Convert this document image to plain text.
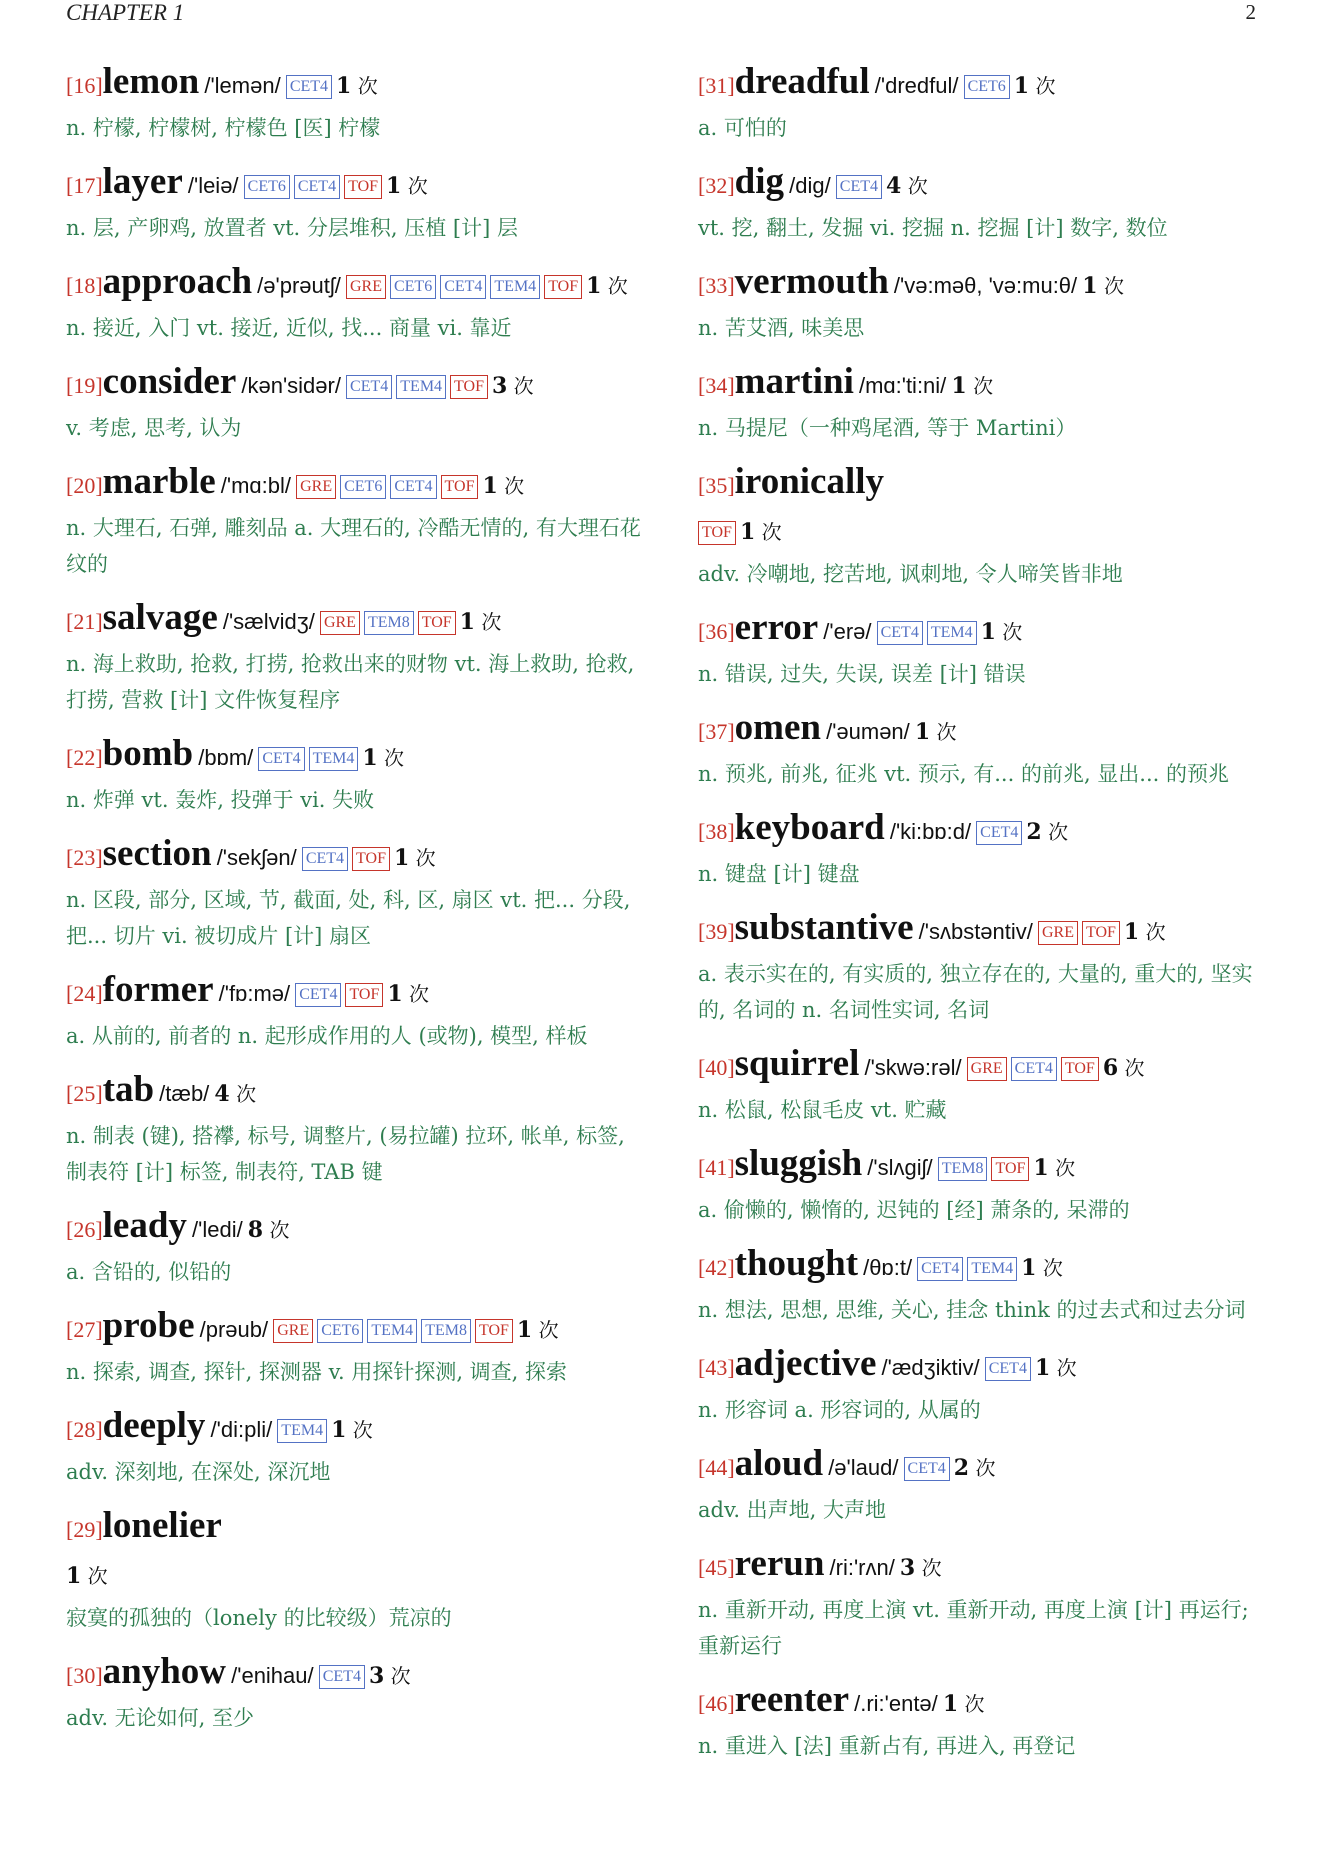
CHAPTER 1	2
[16]lemon /'lemən/ CET4 1 次
n. 柠檬, 柠檬树, 柠檬色 [医] 柠檬
[17]layer /'leiə/ CET6 CET4 TOF 1 次
n. 层, 产卵鸡, 放置者 vt. 分层堆积, 压植 [计] 层
[18]approach /ə'prəutʃ/ GRE CET6 CET4 TEM4 TOF 1 次
n. 接近, 入门 vt. 接近, 近似, 找... 商量 vi. 靠近
[19]consider /kən'sidər/ CET4 TEM4 TOF 3 次
v. 考虑, 思考, 认为
[20]marble /'mɑ:bl/ GRE CET6 CET4 TOF 1 次
n. 大理石, 石弹, 雕刻品 a. 大理石的, 冷酷无情的, 有大理石花纹的
[21]salvage /'sælvidʒ/ GRE TEM8 TOF 1 次
n. 海上救助, 抢救, 打捞, 抢救出来的财物 vt. 海上救助, 抢救, 打捞, 营救 [计] 文件恢复程序
[22]bomb /bɒm/ CET4 TEM4 1 次
n. 炸弹 vt. 轰炸, 投弹于 vi. 失败
[23]section /'sekʃən/ CET4 TOF 1 次
n. 区段, 部分, 区域, 节, 截面, 处, 科, 区, 扇区 vt. 把... 分段, 把... 切片 vi. 被切成片 [计] 扇区
[24]former /'fɒ:mə/ CET4 TOF 1 次
a. 从前的, 前者的 n. 起形成作用的人 (或物), 模型, 样板
[25]tab /tæb/ 4 次
n. 制表 (键), 搭襻, 标号, 调整片, (易拉罐) 拉环, 帐单, 标签, 制表符 [计] 标签, 制表符, TAB 键
[26]leady /'ledi/ 8 次
a. 含铅的, 似铅的
[27]probe /prəub/ GRE CET6 TEM4 TEM8 TOF 1 次
n. 探索, 调查, 探针, 探测器 v. 用探针探测, 调查, 探索
[28]deeply /'di:pli/ TEM4 1 次
adv. 深刻地, 在深处, 深沉地
[29]lonelier
1 次
寂寞的孤独的（lonely 的比较级）荒凉的
[30]anyhow /'enihau/ CET4 3 次
adv. 无论如何, 至少
[31]dreadful /'dredful/ CET6 1 次
a. 可怕的
[32]dig /dig/ CET4 4 次
vt. 挖, 翻土, 发掘 vi. 挖掘 n. 挖掘 [计] 数字, 数位
[33]vermouth /'və:məθ, 'və:mu:θ/ 1 次
n. 苦艾酒, 味美思
[34]martini /mɑ:'ti:ni/ 1 次
n. 马提尼（一种鸡尾酒, 等于 Martini）
[35]ironically
TOF 1 次
adv. 冷嘲地, 挖苦地, 讽刺地, 令人啼笑皆非地
[36]error /'erə/ CET4 TEM4 1 次
n. 错误, 过失, 失误, 误差 [计] 错误
[37]omen /'əumən/ 1 次
n. 预兆, 前兆, 征兆 vt. 预示, 有... 的前兆, 显出... 的预兆
[38]keyboard /'ki:bɒ:d/ CET4 2 次
n. 键盘 [计] 键盘
[39]substantive /'sʌbstəntiv/ GRE TOF 1 次
a. 表示实在的, 有实质的, 独立存在的, 大量的, 重大的, 坚实的, 名词的 n. 名词性实词, 名词
[40]squirrel /'skwə:rəl/ GRE CET4 TOF 6 次
n. 松鼠, 松鼠毛皮 vt. 贮藏
[41]sluggish /'slʌgiʃ/ TEM8 TOF 1 次
a. 偷懒的, 懒惰的, 迟钝的 [经] 萧条的, 呆滞的
[42]thought /θɒ:t/ CET4 TEM4 1 次
n. 想法, 思想, 思维, 关心, 挂念 think 的过去式和过去分词
[43]adjective /'ædʒiktiv/ CET4 1 次
n. 形容词 a. 形容词的, 从属的
[44]aloud /ə'laud/ CET4 2 次
adv. 出声地, 大声地
[45]rerun /ri:'rʌn/ 3 次
n. 重新开动, 再度上演 vt. 重新开动, 再度上演 [计] 再运行; 重新运行
[46]reenter /.ri:'entə/ 1 次
n. 重进入 [法] 重新占有, 再进入, 再登记
